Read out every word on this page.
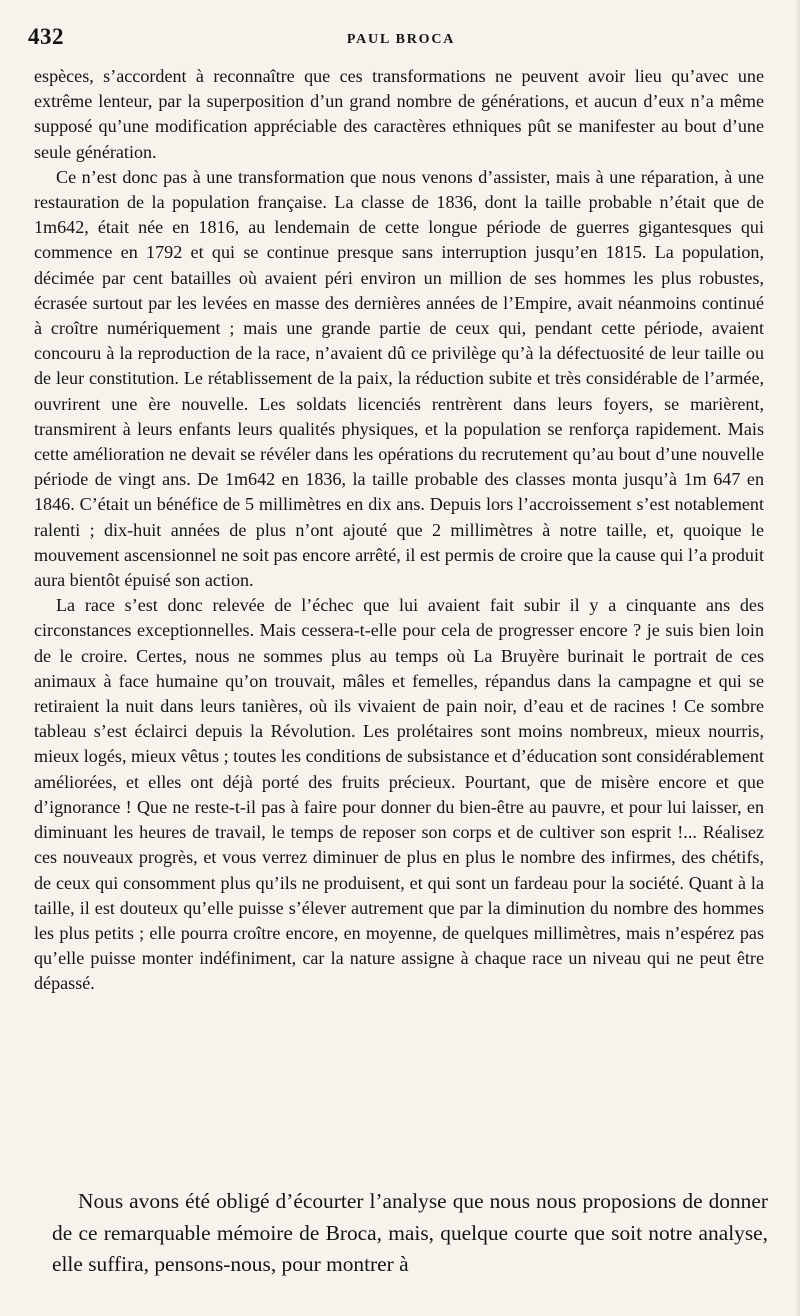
432	PAUL BROCA

espèces, s’accordent à reconnaître que ces transformations ne peuvent avoir lieu qu’avec une extrême lenteur, par la superposition d’un grand nombre de générations, et aucun d’eux n’a même supposé qu’une modification appréciable des caractères ethniques pût se manifester au bout d’une seule génération.

Ce n’est donc pas à une transformation que nous venons d’assister, mais à une réparation, à une restauration de la population française. La classe de 1836, dont la taille probable n’était que de 1m642, était née en 1816, au lendemain de cette longue période de guerres gigantesques qui commence en 1792 et qui se continue presque sans interruption jusqu’en 1815. La population, décimée par cent batailles où avaient péri environ un million de ses hommes les plus robustes, écrasée surtout par les levées en masse des dernières années de l’Empire, avait néanmoins continué à croître numériquement ; mais une grande partie de ceux qui, pendant cette période, avaient concouru à la reproduction de la race, n’avaient dû ce privilège qu’à la défectuosité de leur taille ou de leur constitution. Le rétablissement de la paix, la réduction subite et très considérable de l’armée, ouvrirent une ère nouvelle. Les soldats licenciés rentrèrent dans leurs foyers, se marièrent, transmirent à leurs enfants leurs qualités physiques, et la population se renforça rapidement. Mais cette amélioration ne devait se révéler dans les opérations du recrutement qu’au bout d’une nouvelle période de vingt ans. De 1m642 en 1836, la taille probable des classes monta jusqu’à 1m 647 en 1846. C’était un bénéfice de 5 millimètres en dix ans. Depuis lors l’accroissement s’est notablement ralenti ; dix-huit années de plus n’ont ajouté que 2 millimètres à notre taille, et, quoique le mouvement ascensionnel ne soit pas encore arrêté, il est permis de croire que la cause qui l’a produit aura bientôt épuisé son action.

La race s’est donc relevée de l’échec que lui avaient fait subir il y a cinquante ans des circonstances exceptionnelles. Mais cessera-t-elle pour cela de progresser encore ? je suis bien loin de le croire. Certes, nous ne sommes plus au temps où La Bruyère burinait le portrait de ces animaux à face humaine qu’on trouvait, mâles et femelles, répandus dans la campagne et qui se retiraient la nuit dans leurs tanières, où ils vivaient de pain noir, d’eau et de racines ! Ce sombre tableau s’est éclairci depuis la Révolution. Les prolétaires sont moins nombreux, mieux nourris, mieux logés, mieux vêtus ; toutes les conditions de subsistance et d’éducation sont considérablement améliorées, et elles ont déjà porté des fruits précieux. Pourtant, que de misère encore et que d’ignorance ! Que ne reste-t-il pas à faire pour donner du bien-être au pauvre, et pour lui laisser, en diminuant les heures de travail, le temps de reposer son corps et de cultiver son esprit !... Réalisez ces nouveaux progrès, et vous verrez diminuer de plus en plus le nombre des infirmes, des chétifs, de ceux qui consomment plus qu’ils ne produisent, et qui sont un fardeau pour la société. Quant à la taille, il est douteux qu’elle puisse s’élever autrement que par la diminution du nombre des hommes les plus petits ; elle pourra croître encore, en moyenne, de quelques millimètres, mais n’espérez pas qu’elle puisse monter indéfiniment, car la nature assigne à chaque race un niveau qui ne peut être dépassé.

Nous avons été obligé d’écourter l’analyse que nous nous proposions de donner de ce remarquable mémoire de Broca, mais, quelque courte que soit notre analyse, elle suffira, pensons-nous, pour montrer à
